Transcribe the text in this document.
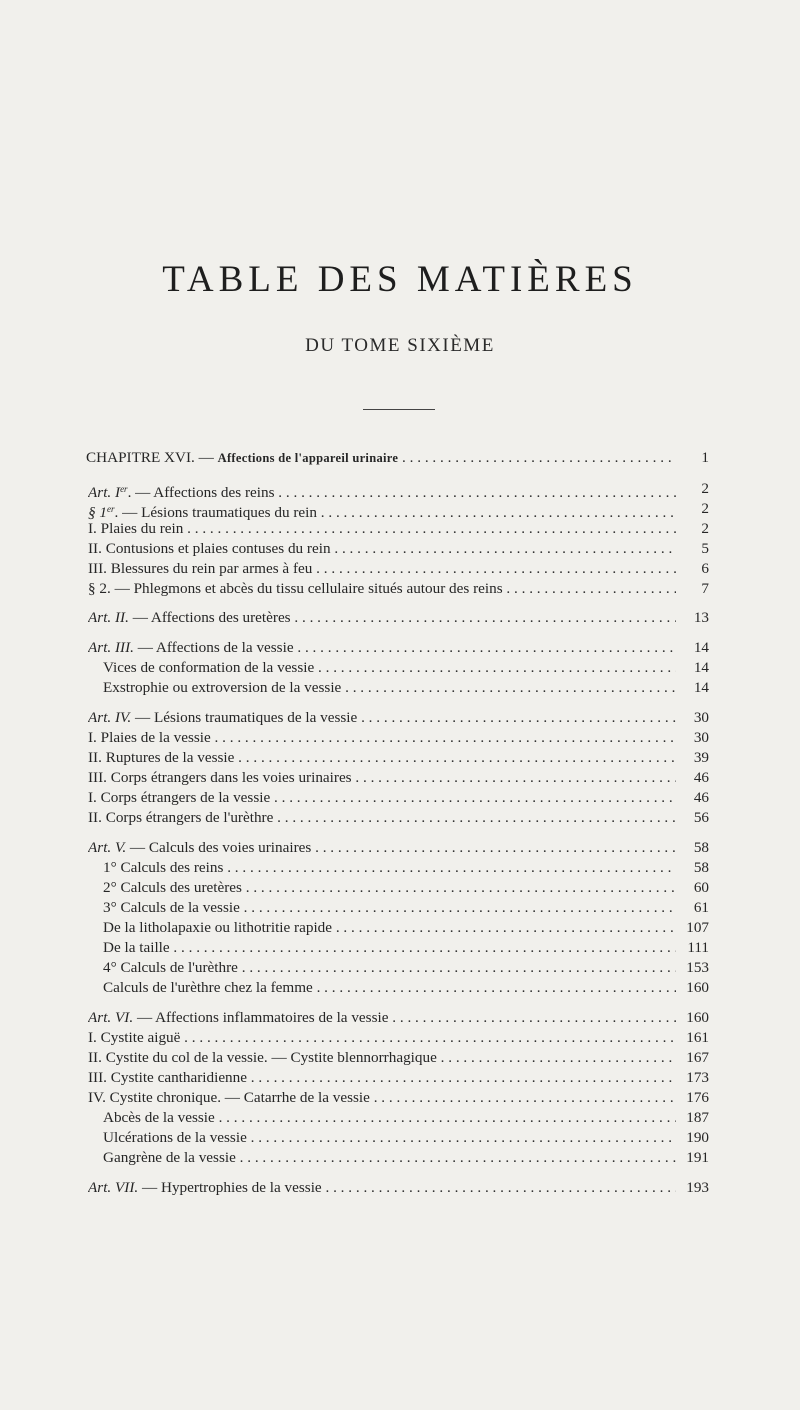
TABLE DES MATIÈRES
DU TOME SIXIÈME
CHAPITRE XVI. — Affections de l'appareil urinaire . . .	1
Art. Ier. — Affections des reins . . .	2
§ 1er. — Lésions traumatiques du rein . . .	2
I. Plaies du rein . . .	2
II. Contusions et plaies contuses du rein . . .	5
III. Blessures du rein par armes à feu . . .	6
§ 2. — Phlegmons et abcès du tissu cellulaire situés autour des reins . . .	7
Art. II. — Affections des uretères . . .	13
Art. III. — Affections de la vessie . . .	14
Vices de conformation de la vessie . . .	14
Exstrophie ou extroversion de la vessie . . .	14
Art. IV. — Lésions traumatiques de la vessie . . .	30
I. Plaies de la vessie . . .	30
II. Ruptures de la vessie . . .	39
III. Corps étrangers dans les voies urinaires . . .	46
I. Corps étrangers de la vessie . . .	46
II. Corps étrangers de l'urèthre . . .	56
Art. V. — Calculs des voies urinaires . . .	58
1° Calculs des reins . . .	58
2° Calculs des uretères . . .	60
3° Calculs de la vessie . . .	61
De la litholapaxie ou lithotritie rapide . . .	107
De la taille . . .	111
4° Calculs de l'urèthre . . .	153
Calculs de l'urèthre chez la femme . . .	160
Art. VI. — Affections inflammatoires de la vessie . . .	160
I. Cystite aiguë . . .	161
II. Cystite du col de la vessie. — Cystite blennorrhagique . . .	167
III. Cystite cantharidienne . . .	173
IV. Cystite chronique. — Catarrhe de la vessie . . .	176
Abcès de la vessie . . .	187
Ulcérations de la vessie . . .	190
Gangrène de la vessie . . .	191
Art. VII. — Hypertrophies de la vessie . . .	193
